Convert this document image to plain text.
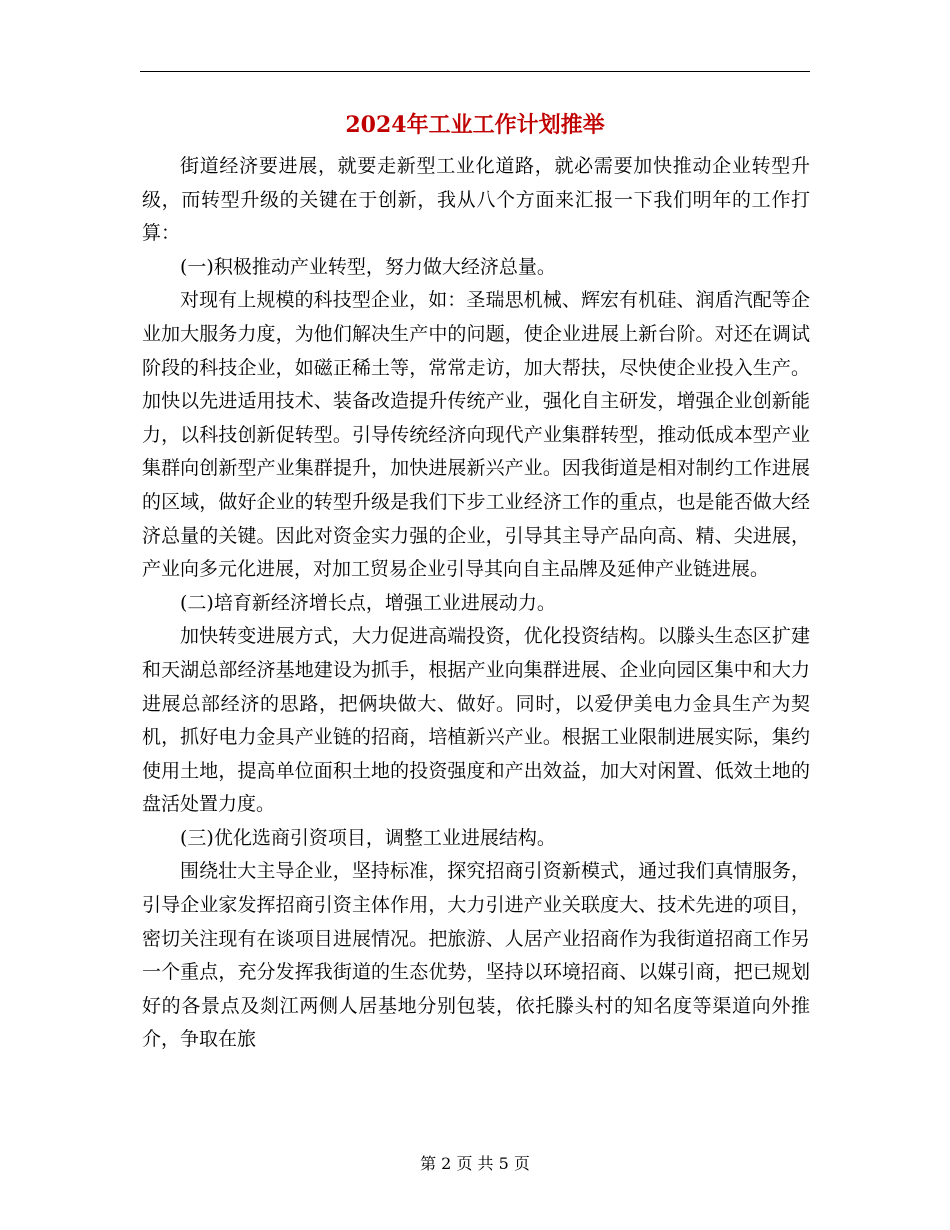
2024年工业工作计划推举

街道经济要进展，就要走新型工业化道路，就必需要加快推动企业转型升级，而转型升级的关键在于创新，我从八个方面来汇报一下我们明年的工作打算：

(一)积极推动产业转型，努力做大经济总量。

对现有上规模的科技型企业，如：圣瑞思机械、辉宏有机硅、润盾汽配等企业加大服务力度，为他们解决生产中的问题，使企业进展上新台阶。对还在调试阶段的科技企业，如磁正稀土等，常常走访，加大帮扶，尽快使企业投入生产。加快以先进适用技术、装备改造提升传统产业，强化自主研发，增强企业创新能力，以科技创新促转型。引导传统经济向现代产业集群转型，推动低成本型产业集群向创新型产业集群提升，加快进展新兴产业。因我街道是相对制约工作进展的区域，做好企业的转型升级是我们下步工业经济工作的重点，也是能否做大经济总量的关键。因此对资金实力强的企业，引导其主导产品向高、精、尖进展，产业向多元化进展，对加工贸易企业引导其向自主品牌及延伸产业链进展。

(二)培育新经济增长点，增强工业进展动力。

加快转变进展方式，大力促进高端投资，优化投资结构。以滕头生态区扩建和天湖总部经济基地建设为抓手，根据产业向集群进展、企业向园区集中和大力进展总部经济的思路，把俩块做大、做好。同时，以爱伊美电力金具生产为契机，抓好电力金具产业链的招商，培植新兴产业。根据工业限制进展实际，集约使用土地，提高单位面积土地的投资强度和产出效益，加大对闲置、低效土地的盘活处置力度。

(三)优化选商引资项目，调整工业进展结构。

围绕壮大主导企业，坚持标准，探究招商引资新模式，通过我们真情服务，引导企业家发挥招商引资主体作用，大力引进产业关联度大、技术先进的项目，密切关注现有在谈项目进展情况。把旅游、人居产业招商作为我街道招商工作另一个重点，充分发挥我街道的生态优势，坚持以环境招商、以媒引商，把已规划好的各景点及剡江两侧人居基地分别包装，依托滕头村的知名度等渠道向外推介，争取在旅

第 2 页 共 5 页
